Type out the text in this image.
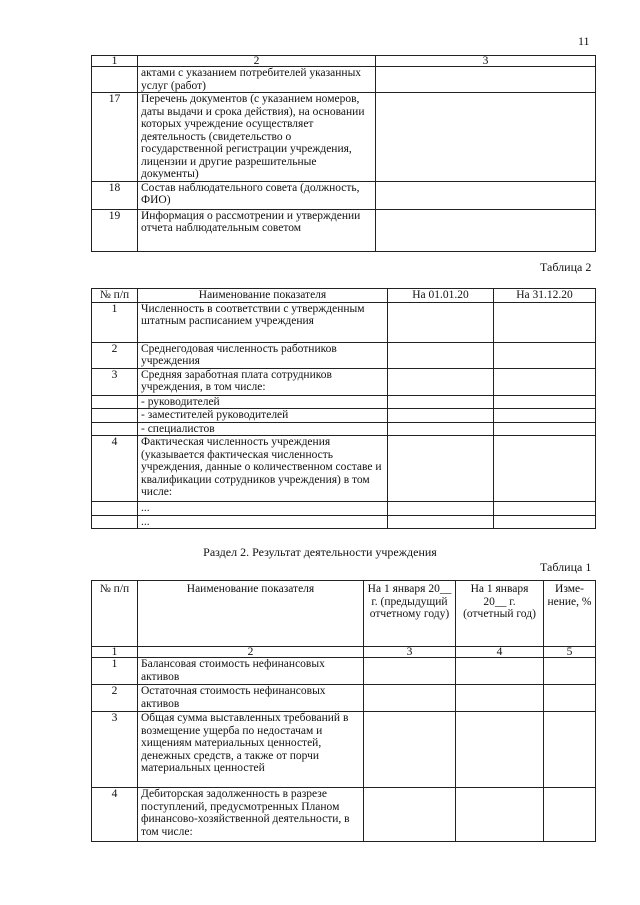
11
1	2	3
	актами с указанием потребителей указанных услуг (работ)	
17	Перечень документов (с указанием номеров, даты выдачи и срока действия), на основании которых учреждение осуществляет деятельность (свидетельство о государственной регистрации учреждения, лицензии и другие разрешительные документы)	
18	Состав наблюдательного совета (должность, ФИО)	
19	Информация о рассмотрении и утверждении отчета наблюдательным советом	
Таблица 2
№ п/п	Наименование показателя	На 01.01.20	На 31.12.20
1	Численность в соответствии с утвержденным штатным расписанием учреждения		
2	Среднегодовая численность работников учреждения		
3	Средняя заработная плата сотрудников учреждения, в том числе:		
	- руководителей		
	- заместителей руководителей		
	- специалистов		
4	Фактическая численность учреждения (указывается фактическая численность учреждения, данные о количественном составе и квалификации сотрудников учреждения) в том числе:		
	...		
	...		
Раздел 2. Результат деятельности учреждения
Таблица 1
№ п/п	Наименование показателя	На 1 января 20__ г. (предыдущий отчетному году)	На 1 января 20__ г. (отчетный год)	Изме-нение, %
1	2	3	4	5
1	Балансовая стоимость нефинансовых активов			
2	Остаточная стоимость нефинансовых активов			
3	Общая сумма выставленных требований в возмещение ущерба по недостачам и хищениям материальных ценностей, денежных средств, а также от порчи материальных ценностей			
4	Дебиторская задолженность в разрезе поступлений, предусмотренных Планом финансово-хозяйственной деятельности, в том числе:			
